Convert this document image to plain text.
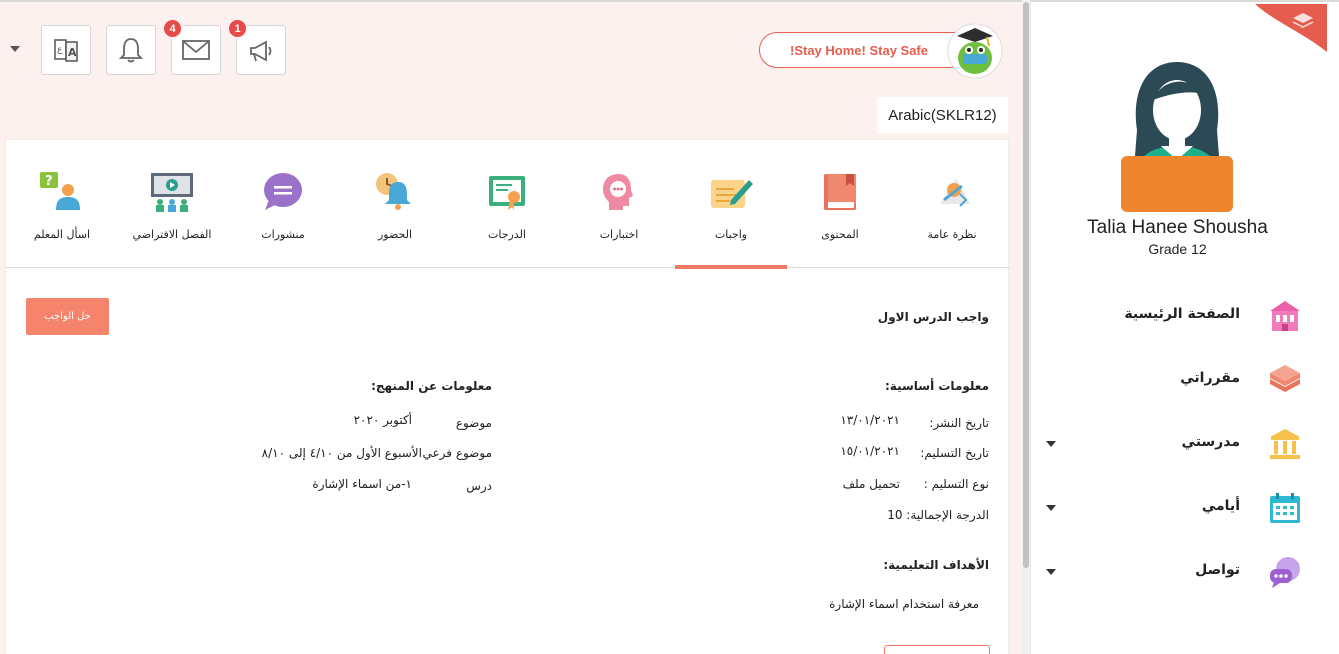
A
ع
4	1
!Stay Home! Stay Safe
Arabic(SKLR12)
نظرة عامة
المحتوى
واجبات
اختبارات
الدرجات
الحضور
منشورات
الفصل الافتراضي
?
اسأل المعلم
حل الواجب	واجب الدرس الاول
معلومات أساسية:
تاريخ النشر:
١٣/٠١/٢٠٢١
تاريخ التسليم:
١٥/٠١/٢٠٢١
نوع التسليم :
تحميل ملف
الدرجة الإجمالية: 10
الأهداف التعليمية:
معرفة استخدام اسماء الإشارة
معلومات عن المنهج:
موضوع
أكتوبر ٢٠٢٠
موضوع فرعي
الأسبوع الأول من ٤/١٠ إلى ٨/١٠
درس
١-من اسماء الإشارة
Talia Hanee Shousha
Grade 12
الصفحة الرئيسية
مقرراتي
مدرستي
أيامي
تواصل
